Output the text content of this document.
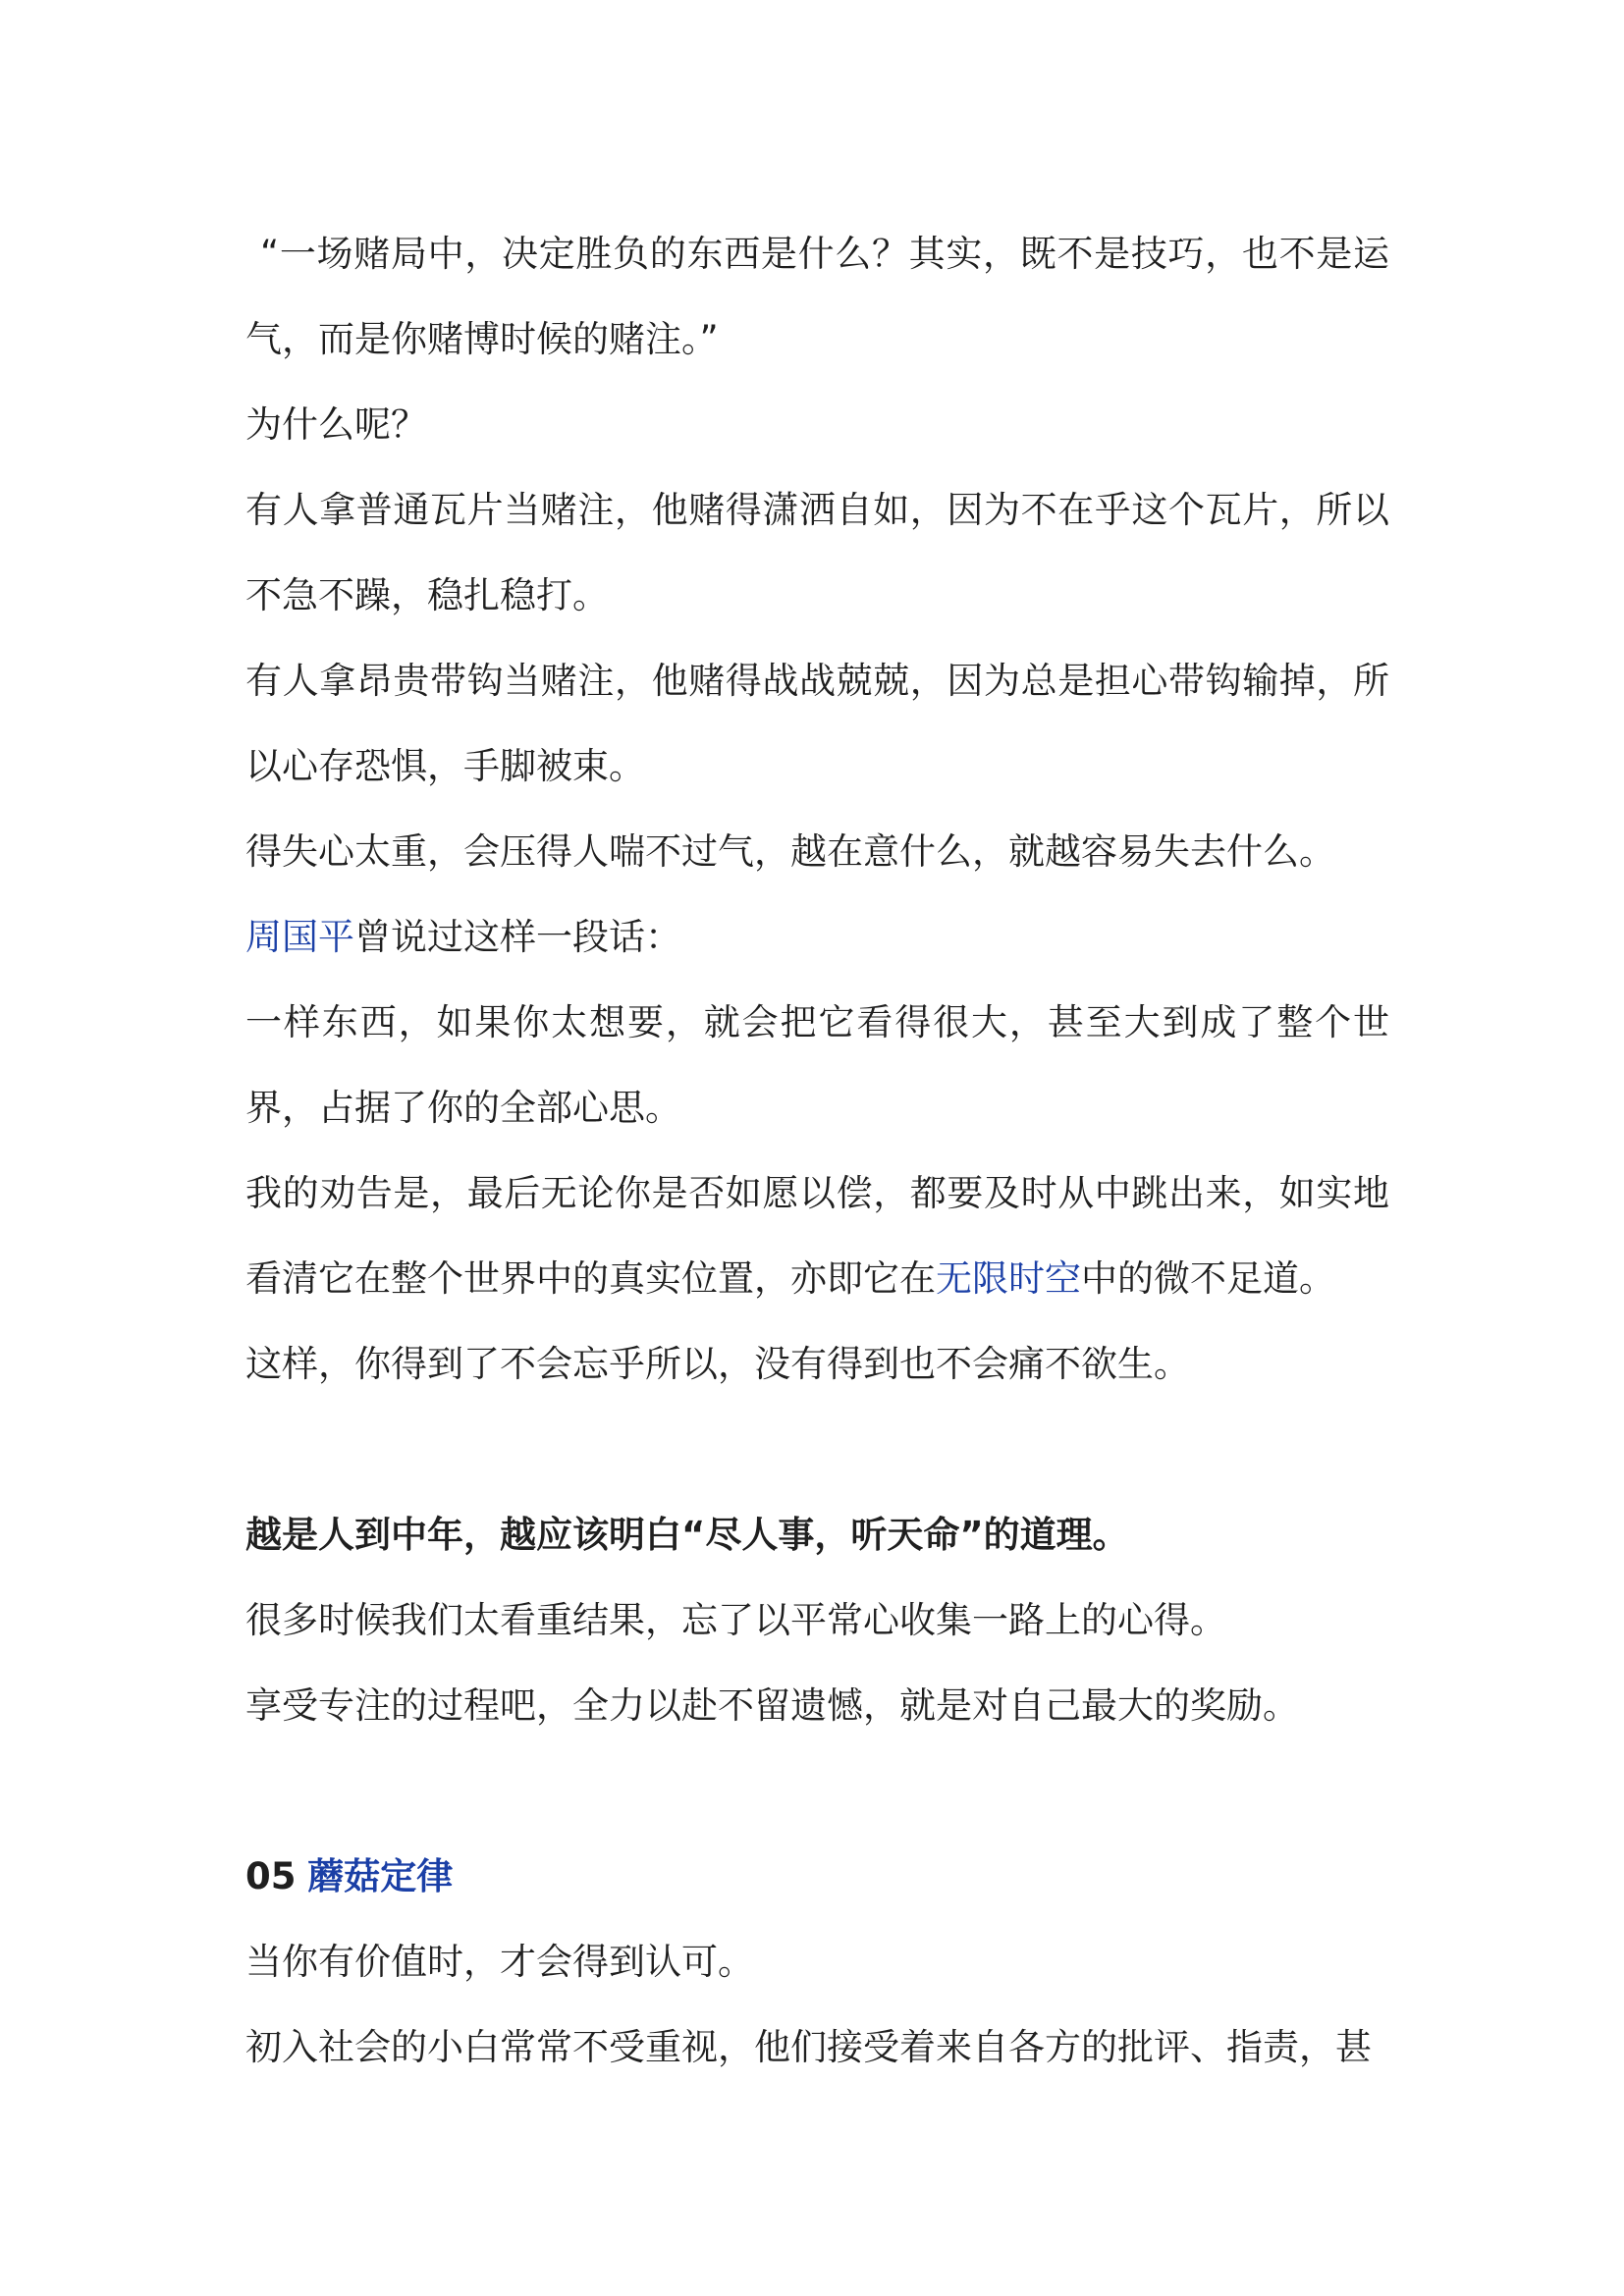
“一场赌局中，决定胜负的东西是什么？其实，既不是技巧，也不是运气，而是你赌博时候的赌注。”

为什么呢？

有人拿普通瓦片当赌注，他赌得潇洒自如，因为不在乎这个瓦片，所以不急不躁，稳扎稳打。

有人拿昂贵带钩当赌注，他赌得战战兢兢，因为总是担心带钩输掉，所以心存恐惧，手脚被束。

得失心太重，会压得人喘不过气，越在意什么，就越容易失去什么。

周国平曾说过这样一段话：

一样东西，如果你太想要，就会把它看得很大，甚至大到成了整个世界，占据了你的全部心思。

我的劝告是，最后无论你是否如愿以偿，都要及时从中跳出来，如实地看清它在整个世界中的真实位置，亦即它在无限时空中的微不足道。

这样，你得到了不会忘乎所以，没有得到也不会痛不欲生。

越是人到中年，越应该明白“尽人事，听天命”的道理。

很多时候我们太看重结果，忘了以平常心收集一路上的心得。

享受专注的过程吧，全力以赴不留遗憾，就是对自己最大的奖励。

05 蘑菇定律

当你有价值时，才会得到认可。

初入社会的小白常常不受重视，他们接受着来自各方的批评、指责，甚
